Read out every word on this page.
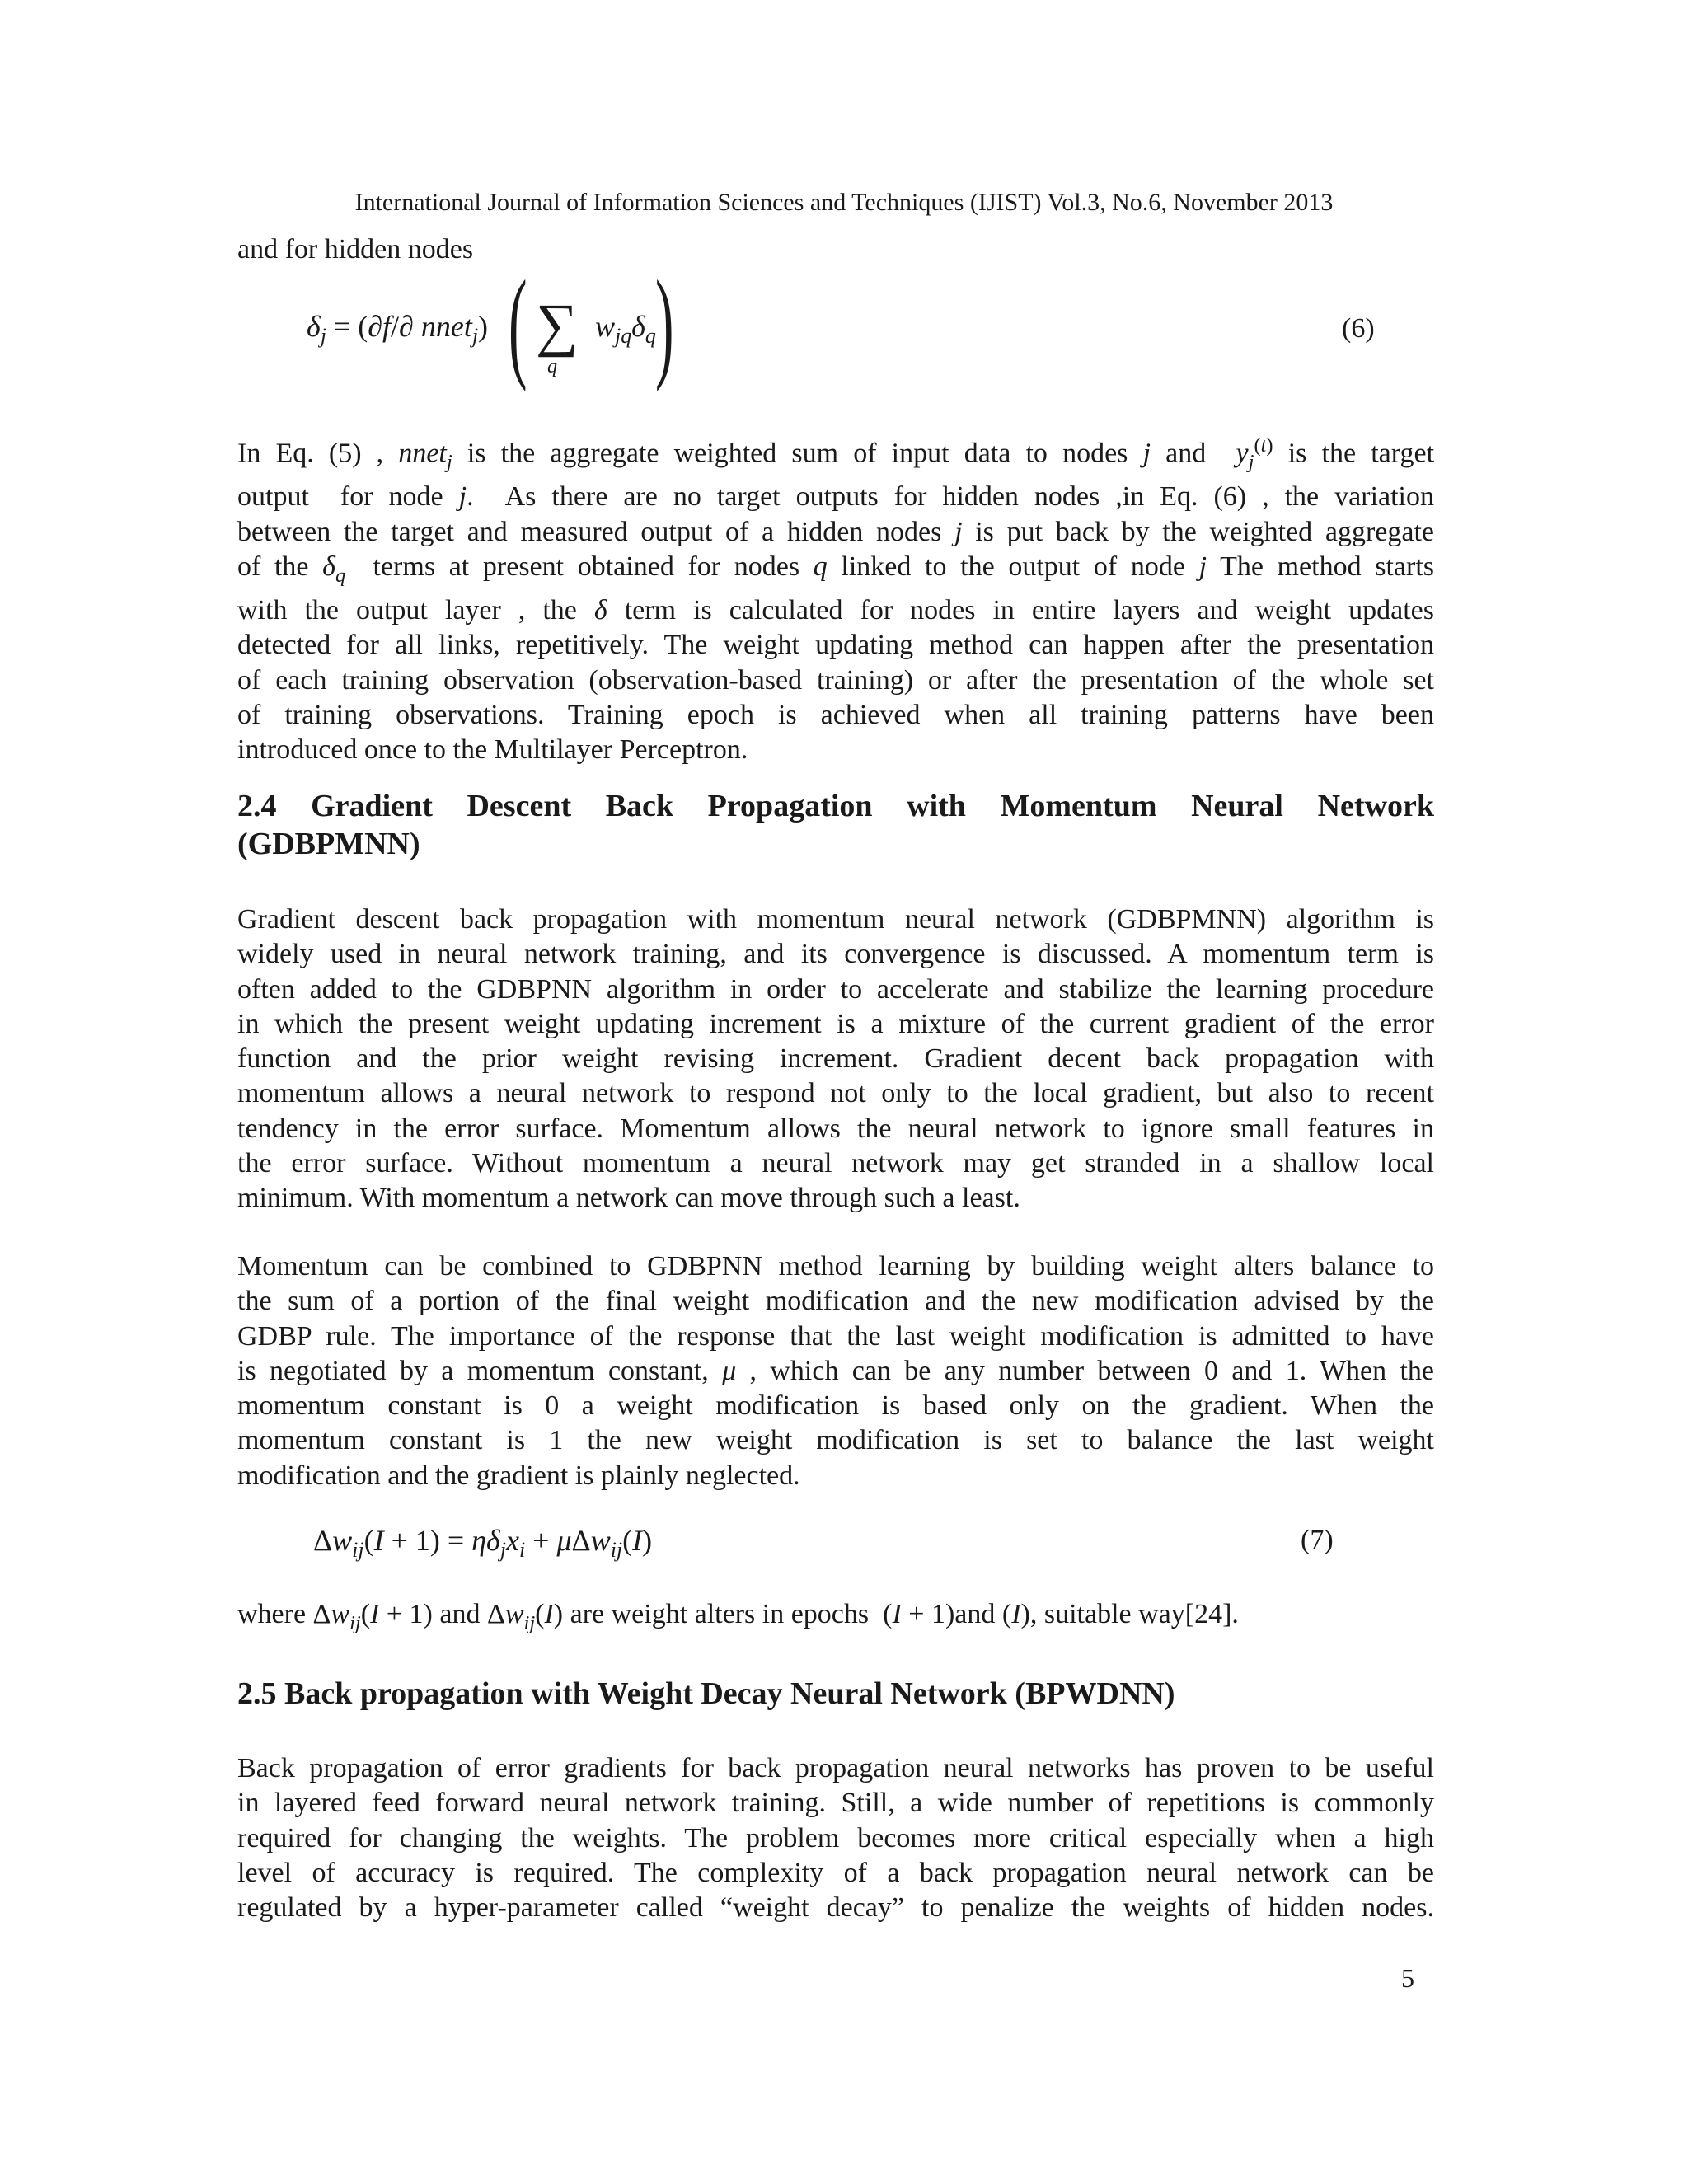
International Journal of Information Sciences and Techniques (IJIST) Vol.3, No.6, November 2013
and for hidden nodes
$\delta_j = (\partial f/\partial$ nnet$_j$) ( ∑
q
$w_{jq}\delta_q$ )	(6)

In Eq. (5) , nnet$_j$ is the aggregate weighted sum of input data to nodes j and  $y_j^{(t)}$ is the target
output  for node j.  As there are no target outputs for hidden nodes ,in Eq. (6) , the variation
between the target and measured output of a hidden nodes j is put back by the weighted aggregate
of the $\delta_q$  terms at present obtained for nodes q linked to the output of node j The method starts
with the output layer , the δ term is calculated for nodes in entire layers and weight updates
detected for all links, repetitively. The weight updating method can happen after the presentation
of each training observation (observation-based training) or after the presentation of the whole set
of training observations. Training epoch is achieved when all training patterns have been
introduced once to the Multilayer Perceptron.

2.4 Gradient Descent Back Propagation with Momentum Neural Network
(GDBPMNN)

Gradient descent back propagation with momentum neural network (GDBPMNN) algorithm is
widely used in neural network training, and its convergence is discussed. A momentum term is
often added to the GDBPNN algorithm in order to accelerate and stabilize the learning procedure
in which the present weight updating increment is a mixture of the current gradient of the error
function and the prior weight revising increment. Gradient decent back propagation with
momentum allows a neural network to respond not only to the local gradient, but also to recent
tendency in the error surface. Momentum allows the neural network to ignore small features in
the error surface. Without momentum a neural network may get stranded in a shallow local
minimum. With momentum a network can move through such a least.

Momentum can be combined to GDBPNN method learning by building weight alters balance to
the sum of a portion of the final weight modification and the new modification advised by the
GDBP rule. The importance of the response that the last weight modification is admitted to have
is negotiated by a momentum constant, μ , which can be any number between 0 and 1. When the
momentum constant is 0 a weight modification is based only on the gradient. When the
momentum constant is 1 the new weight modification is set to balance the last weight
modification and the gradient is plainly neglected.

$\Delta w_{ij}(I + 1) = \eta\delta_jx_i + \mu\Delta w_{ij}(I)$	(7)
where $\Delta w_{ij}(I + 1)$ and $\Delta w_{ij}(I)$ are weight alters in epochs  (I + 1)and (I), suitable way[24].
2.5 Back propagation with Weight Decay Neural Network (BPWDNN)

Back propagation of error gradients for back propagation neural networks has proven to be useful
in layered feed forward neural network training. Still, a wide number of repetitions is commonly
required for changing the weights. The problem becomes more critical especially when a high
level of accuracy is required. The complexity of a back propagation neural network can be
regulated by a hyper-parameter called “weight decay” to penalize the weights of hidden nodes.

5
